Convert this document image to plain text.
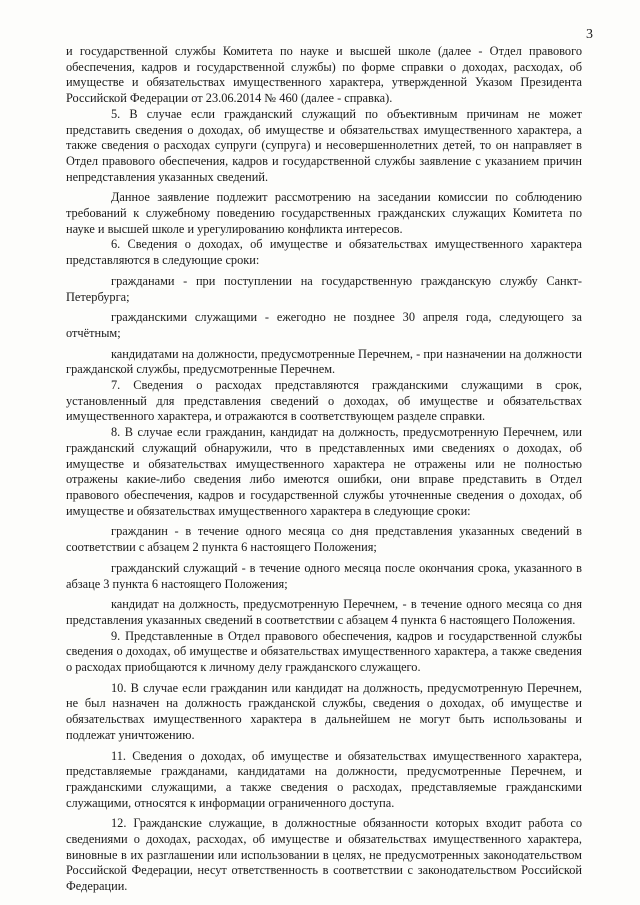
3

и государственной службы Комитета по науке и высшей школе (далее - Отдел правового обеспечения, кадров и государственной службы) по форме справки о доходах, расходах, об имуществе и обязательствах имущественного характера, утвержденной Указом Президента Российской Федерации от 23.06.2014 № 460 (далее - справка).

5. В случае если гражданский служащий по объективным причинам не может представить сведения о доходах, об имуществе и обязательствах имущественного характера, а также сведения о расходах супруги (супруга) и несовершеннолетних детей, то он направляет в Отдел правового обеспечения, кадров и государственной службы заявление с указанием причин непредставления указанных сведений.

Данное заявление подлежит рассмотрению на заседании комиссии по соблюдению требований к служебному поведению государственных гражданских служащих Комитета по науке и высшей школе и урегулированию конфликта интересов.

6. Сведения о доходах, об имуществе и обязательствах имущественного характера представляются в следующие сроки:

гражданами - при поступлении на государственную гражданскую службу Санкт-Петербурга;

гражданскими служащими - ежегодно не позднее 30 апреля года, следующего за отчётным;

кандидатами на должности, предусмотренные Перечнем, - при назначении на должности гражданской службы, предусмотренные Перечнем.

7. Сведения о расходах представляются гражданскими служащими в срок, установленный для представления сведений о доходах, об имуществе и обязательствах имущественного характера, и отражаются в соответствующем разделе справки.

8. В случае если гражданин, кандидат на должность, предусмотренную Перечнем, или гражданский служащий обнаружили, что в представленных ими сведениях о доходах, об имуществе и обязательствах имущественного характера не отражены или не полностью отражены какие-либо сведения либо имеются ошибки, они вправе представить в Отдел правового обеспечения, кадров и государственной службы уточненные сведения о доходах, об имуществе и обязательствах имущественного характера в следующие сроки:

гражданин - в течение одного месяца со дня представления указанных сведений в соответствии с абзацем 2 пункта 6 настоящего Положения;

гражданский служащий - в течение одного месяца после окончания срока, указанного в абзаце 3 пункта 6 настоящего Положения;

кандидат на должность, предусмотренную Перечнем, - в течение одного месяца со дня представления указанных сведений в соответствии с абзацем 4 пункта 6 настоящего Положения.

9. Представленные в Отдел правового обеспечения, кадров и государственной службы сведения о доходах, об имуществе и обязательствах имущественного характера, а также сведения о расходах приобщаются к личному делу гражданского служащего.

10. В случае если гражданин или кандидат на должность, предусмотренную Перечнем, не был назначен на должность гражданской службы, сведения о доходах, об имуществе и обязательствах имущественного характера в дальнейшем не могут быть использованы и подлежат уничтожению.

11. Сведения о доходах, об имуществе и обязательствах имущественного характера, представляемые гражданами, кандидатами на должности, предусмотренные Перечнем, и гражданскими служащими, а также сведения о расходах, представляемые гражданскими служащими, относятся к информации ограниченного доступа.

12. Гражданские служащие, в должностные обязанности которых входит работа со сведениями о доходах, расходах, об имуществе и обязательствах имущественного характера, виновные в их разглашении или использовании в целях, не предусмотренных законодательством Российской Федерации, несут ответственность в соответствии с законодательством Российской Федерации.
